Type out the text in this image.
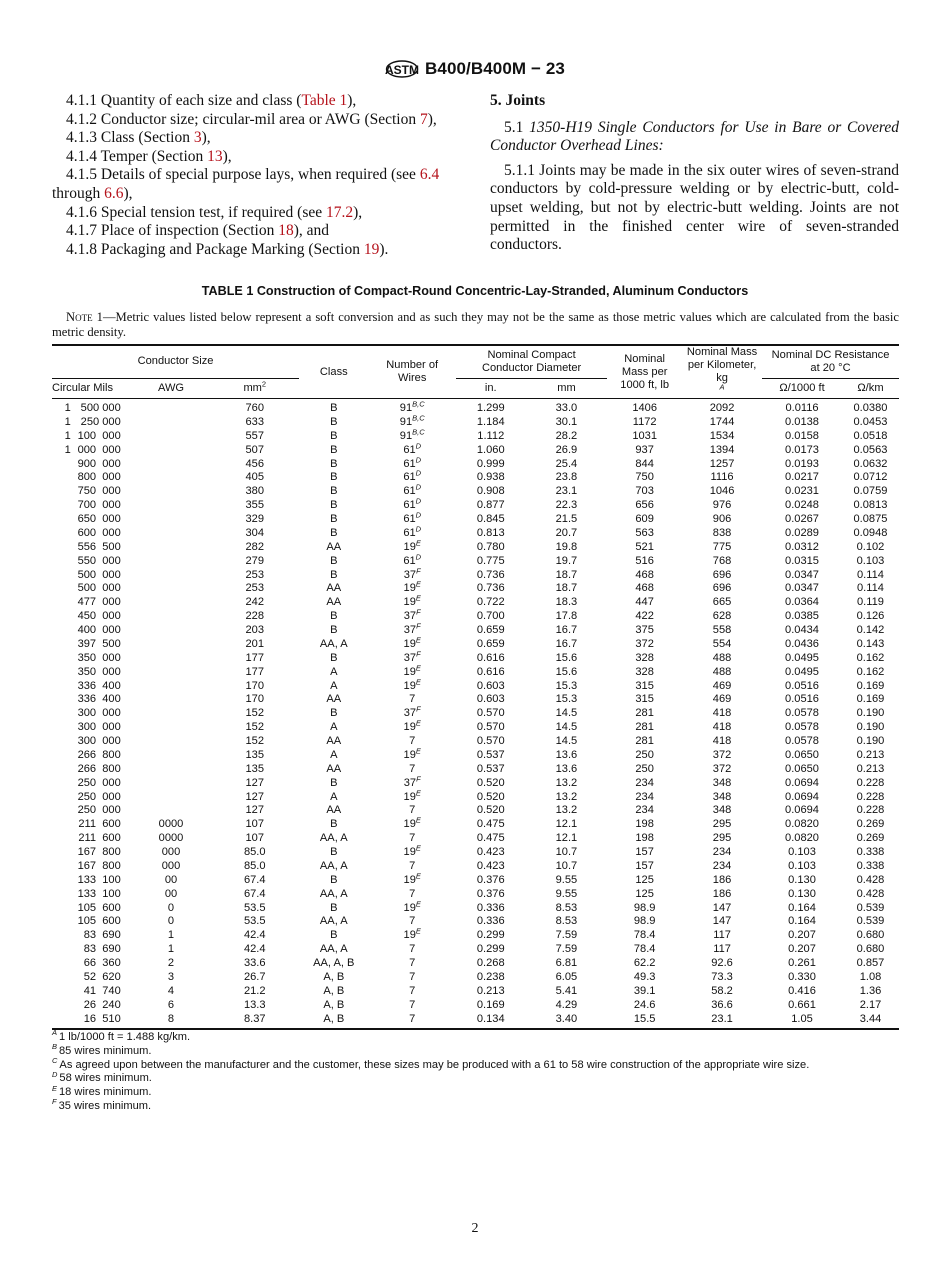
ASTM B400/B400M − 23
4.1.1 Quantity of each size and class (Table 1),
4.1.2 Conductor size; circular-mil area or AWG (Section 7),
4.1.3 Class (Section 3),
4.1.4 Temper (Section 13),
4.1.5 Details of special purpose lays, when required (see 6.4 through 6.6),
4.1.6 Special tension test, if required (see 17.2),
4.1.7 Place of inspection (Section 18), and
4.1.8 Packaging and Package Marking (Section 19).
5. Joints
5.1 1350-H19 Single Conductors for Use in Bare or Covered Conductor Overhead Lines:
5.1.1 Joints may be made in the six outer wires of seven-strand conductors by cold-pressure welding or by electric-butt, cold-upset welding, but not by electric-butt welding. Joints are not permitted in the finished center wire of seven-stranded conductors.
TABLE 1 Construction of Compact-Round Concentric-Lay-Stranded, Aluminum Conductors
Note 1—Metric values listed below represent a soft conversion and as such they may not be the same as those metric values which are calculated from the basic metric density.
Conductor Size			Class	Number of Wires	Nominal Compact Conductor Diameter		Nominal Mass per 1000 ft, lb	Nominal Mass per Kilometer, $kg^A$	Nominal DC Resistance at 20 °C	
Circular Mils	AWG	$mm^2$			in.	mm			Ω/1000 ft	Ω/km
1 500 000		760	B	$91^{B,C}$	1.299	33.0	1406	2092	0.0116	0.0380
1 250 000		633	B	$91^{B,C}$	1.184	30.1	1172	1744	0.0138	0.0453
1 100  000		557	B	$91^{B,C}$	1.112	28.2	1031	1534	0.0158	0.0518
1 000  000		507	B	$61^D$	1.060	26.9	937	1394	0.0173	0.0563
900  000		456	B	$61^D$	0.999	25.4	844	1257	0.0193	0.0632
800  000		405	B	$61^D$	0.938	23.8	750	1116	0.0217	0.0712
750  000		380	B	$61^D$	0.908	23.1	703	1046	0.0231	0.0759
700  000		355	B	$61^D$	0.877	22.3	656	976	0.0248	0.0813
650  000		329	B	$61^D$	0.845	21.5	609	906	0.0267	0.0875
600  000		304	B	$61^D$	0.813	20.7	563	838	0.0289	0.0948
556  500		282	AA	$19^E$	0.780	19.8	521	775	0.0312	0.102
550  000		279	B	$61^D$	0.775	19.7	516	768	0.0315	0.103
500  000		253	B	$37^F$	0.736	18.7	468	696	0.0347	0.114
500  000		253	AA	$19^E$	0.736	18.7	468	696	0.0347	0.114
477  000		242	AA	$19^E$	0.722	18.3	447	665	0.0364	0.119
450  000		228	B	$37^F$	0.700	17.8	422	628	0.0385	0.126
400  000		203	B	$37^F$	0.659	16.7	375	558	0.0434	0.142
397  500		201	AA, A	$19^E$	0.659	16.7	372	554	0.0436	0.143
350  000		177	B	$37^F$	0.616	15.6	328	488	0.0495	0.162
350  000		177	A	$19^E$	0.616	15.6	328	488	0.0495	0.162
336  400		170	A	$19^E$	0.603	15.3	315	469	0.0516	0.169
336  400		170	AA	7	0.603	15.3	315	469	0.0516	0.169
300  000		152	B	$37^F$	0.570	14.5	281	418	0.0578	0.190
300  000		152	A	$19^E$	0.570	14.5	281	418	0.0578	0.190
300  000		152	AA	7	0.570	14.5	281	418	0.0578	0.190
266  800		135	A	$19^E$	0.537	13.6	250	372	0.0650	0.213
266  800		135	AA	7	0.537	13.6	250	372	0.0650	0.213
250  000		127	B	$37^F$	0.520	13.2	234	348	0.0694	0.228
250  000		127	A	$19^E$	0.520	13.2	234	348	0.0694	0.228
250  000		127	AA	7	0.520	13.2	234	348	0.0694	0.228
211  600	0000	107	B	$19^E$	0.475	12.1	198	295	0.0820	0.269
211  600	0000	107	AA, A	7	0.475	12.1	198	295	0.0820	0.269
167  800	000	85.0	B	$19^E$	0.423	10.7	157	234	0.103	0.338
167  800	000	85.0	AA, A	7	0.423	10.7	157	234	0.103	0.338
133  100	00	67.4	B	$19^E$	0.376	9.55	125	186	0.130	0.428
133  100	00	67.4	AA, A	7	0.376	9.55	125	186	0.130	0.428
105  600	0	53.5	B	$19^E$	0.336	8.53	98.9	147	0.164	0.539
105  600	0	53.5	AA, A	7	0.336	8.53	98.9	147	0.164	0.539
83  690	1	42.4	B	$19^E$	0.299	7.59	78.4	117	0.207	0.680
83  690	1	42.4	AA, A	7	0.299	7.59	78.4	117	0.207	0.680
66  360	2	33.6	AA, A, B	7	0.268	6.81	62.2	92.6	0.261	0.857
52  620	3	26.7	A, B	7	0.238	6.05	49.3	73.3	0.330	1.08
41  740	4	21.2	A, B	7	0.213	5.41	39.1	58.2	0.416	1.36
26  240	6	13.3	A, B	7	0.169	4.29	24.6	36.6	0.661	2.17
16  510	8	8.37	A, B	7	0.134	3.40	15.5	23.1	1.05	3.44
$^A$ 1 lb/1000 ft = 1.488 kg/km.
$^B$ 85 wires minimum.
$^C$ As agreed upon between the manufacturer and the customer, these sizes may be produced with a 61 to 58 wire construction of the appropriate wire size.
$^D$ 58 wires minimum.
$^E$ 18 wires minimum.
$^F$ 35 wires minimum.
2
